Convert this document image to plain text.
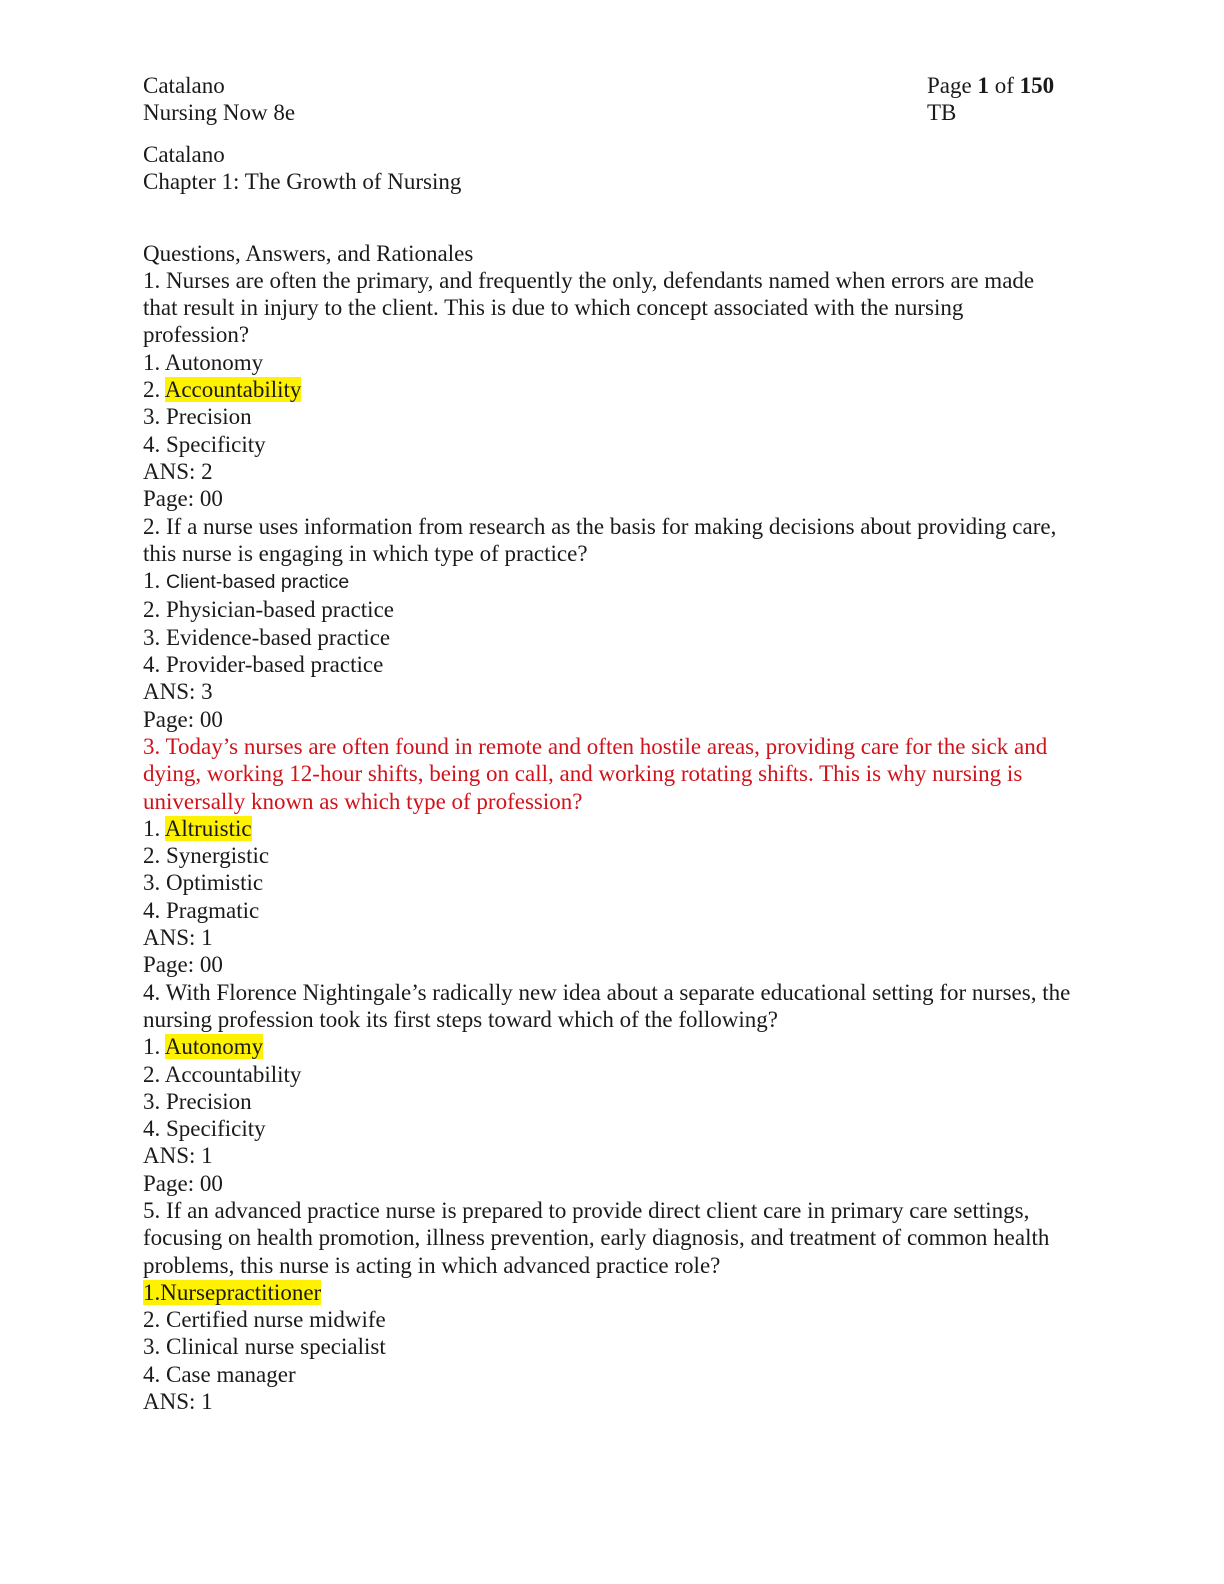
Catalano
Nursing Now 8e
Page 1 of 150
TB
Catalano
Chapter 1: The Growth of Nursing
Questions, Answers, and Rationales
1. Nurses are often the primary, and frequently the only, defendants named when errors are made that result in injury to the client. This is due to which concept associated with the nursing profession?
1. Autonomy
2. Accountability
3. Precision
4. Specificity
ANS: 2
Page: 00
2. If a nurse uses information from research as the basis for making decisions about providing care, this nurse is engaging in which type of practice?
1. Client-based practice
2. Physician-based practice
3. Evidence-based practice
4. Provider-based practice
ANS: 3
Page: 00
3. Today’s nurses are often found in remote and often hostile areas, providing care for the sick and dying, working 12-hour shifts, being on call, and working rotating shifts. This is why nursing is universally known as which type of profession?
1. Altruistic
2. Synergistic
3. Optimistic
4. Pragmatic
ANS: 1
Page: 00
4. With Florence Nightingale’s radically new idea about a separate educational setting for nurses, the nursing profession took its first steps toward which of the following?
1. Autonomy
2. Accountability
3. Precision
4. Specificity
ANS: 1
Page: 00
5. If an advanced practice nurse is prepared to provide direct client care in primary care settings, focusing on health promotion, illness prevention, early diagnosis, and treatment of common health problems, this nurse is acting in which advanced practice role?
1.Nursepractitioner
2. Certified nurse midwife
3. Clinical nurse specialist
4. Case manager
ANS: 1
